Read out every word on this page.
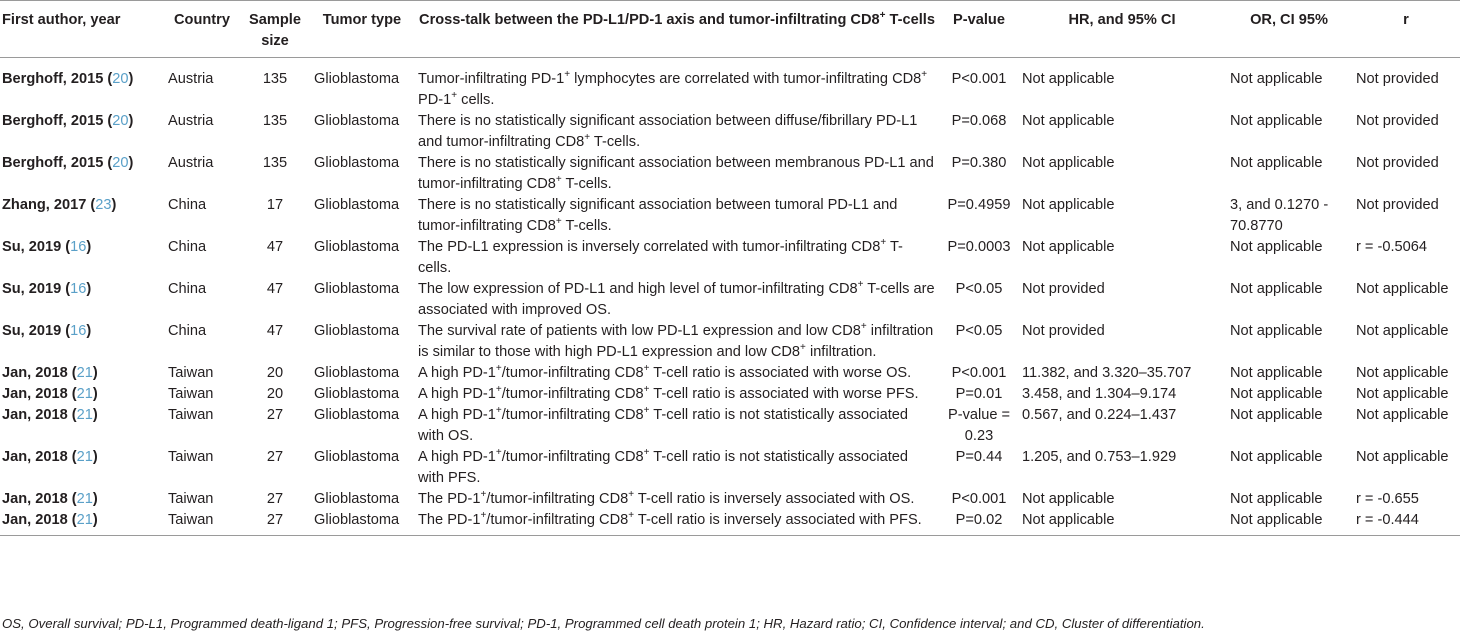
First author, year	Country	Sample size	Tumor type	Cross-talk between the PD-L1/PD-1 axis and tumor-infiltrating CD8+ T-cells	P-value	HR, and 95% CI	OR, CI 95%	r
Berghoff, 2015 (20)	Austria	135	Glioblastoma	Tumor-infiltrating PD-1+ lymphocytes are correlated with tumor-infiltrating CD8+ PD-1+ cells.	P<0.001	Not applicable	Not applicable	Not provided
Berghoff, 2015 (20)	Austria	135	Glioblastoma	There is no statistically significant association between diffuse/fibrillary PD-L1 and tumor-infiltrating CD8+ T-cells.	P=0.068	Not applicable	Not applicable	Not provided
Berghoff, 2015 (20)	Austria	135	Glioblastoma	There is no statistically significant association between membranous PD-L1 and tumor-infiltrating CD8+ T-cells.	P=0.380	Not applicable	Not applicable	Not provided
Zhang, 2017 (23)	China	17	Glioblastoma	There is no statistically significant association between tumoral PD-L1 and tumor-infiltrating CD8+ T-cells.	P=0.4959	Not applicable	3, and 0.1270 - 70.8770	Not provided
Su, 2019 (16)	China	47	Glioblastoma	The PD-L1 expression is inversely correlated with tumor-infiltrating CD8+ T-cells.	P=0.0003	Not applicable	Not applicable	r = -0.5064
Su, 2019 (16)	China	47	Glioblastoma	The low expression of PD-L1 and high level of tumor-infiltrating CD8+ T-cells are associated with improved OS.	P<0.05	Not provided	Not applicable	Not applicable
Su, 2019 (16)	China	47	Glioblastoma	The survival rate of patients with low PD-L1 expression and low CD8+ infiltration is similar to those with high PD-L1 expression and low CD8+ infiltration.	P<0.05	Not provided	Not applicable	Not applicable
Jan, 2018 (21)	Taiwan	20	Glioblastoma	A high PD-1+/tumor-infiltrating CD8+ T-cell ratio is associated with worse OS.	P<0.001	11.382, and 3.320–35.707	Not applicable	Not applicable
Jan, 2018 (21)	Taiwan	20	Glioblastoma	A high PD-1+/tumor-infiltrating CD8+ T-cell ratio is associated with worse PFS.	P=0.01	3.458, and 1.304–9.174	Not applicable	Not applicable
Jan, 2018 (21)	Taiwan	27	Glioblastoma	A high PD-1+/tumor-infiltrating CD8+ T-cell ratio is not statistically associated with OS.	P-value = 0.23	0.567, and 0.224–1.437	Not applicable	Not applicable
Jan, 2018 (21)	Taiwan	27	Glioblastoma	A high PD-1+/tumor-infiltrating CD8+ T-cell ratio is not statistically associated with PFS.	P=0.44	1.205, and 0.753–1.929	Not applicable	Not applicable
Jan, 2018 (21)	Taiwan	27	Glioblastoma	The PD-1+/tumor-infiltrating CD8+ T-cell ratio is inversely associated with OS.	P<0.001	Not applicable	Not applicable	r = -0.655
Jan, 2018 (21)	Taiwan	27	Glioblastoma	The PD-1+/tumor-infiltrating CD8+ T-cell ratio is inversely associated with PFS.	P=0.02	Not applicable	Not applicable	r = -0.444
OS, Overall survival; PD-L1, Programmed death-ligand 1; PFS, Progression-free survival; PD-1, Programmed cell death protein 1; HR, Hazard ratio; CI, Confidence interval; and CD, Cluster of differentiation.
